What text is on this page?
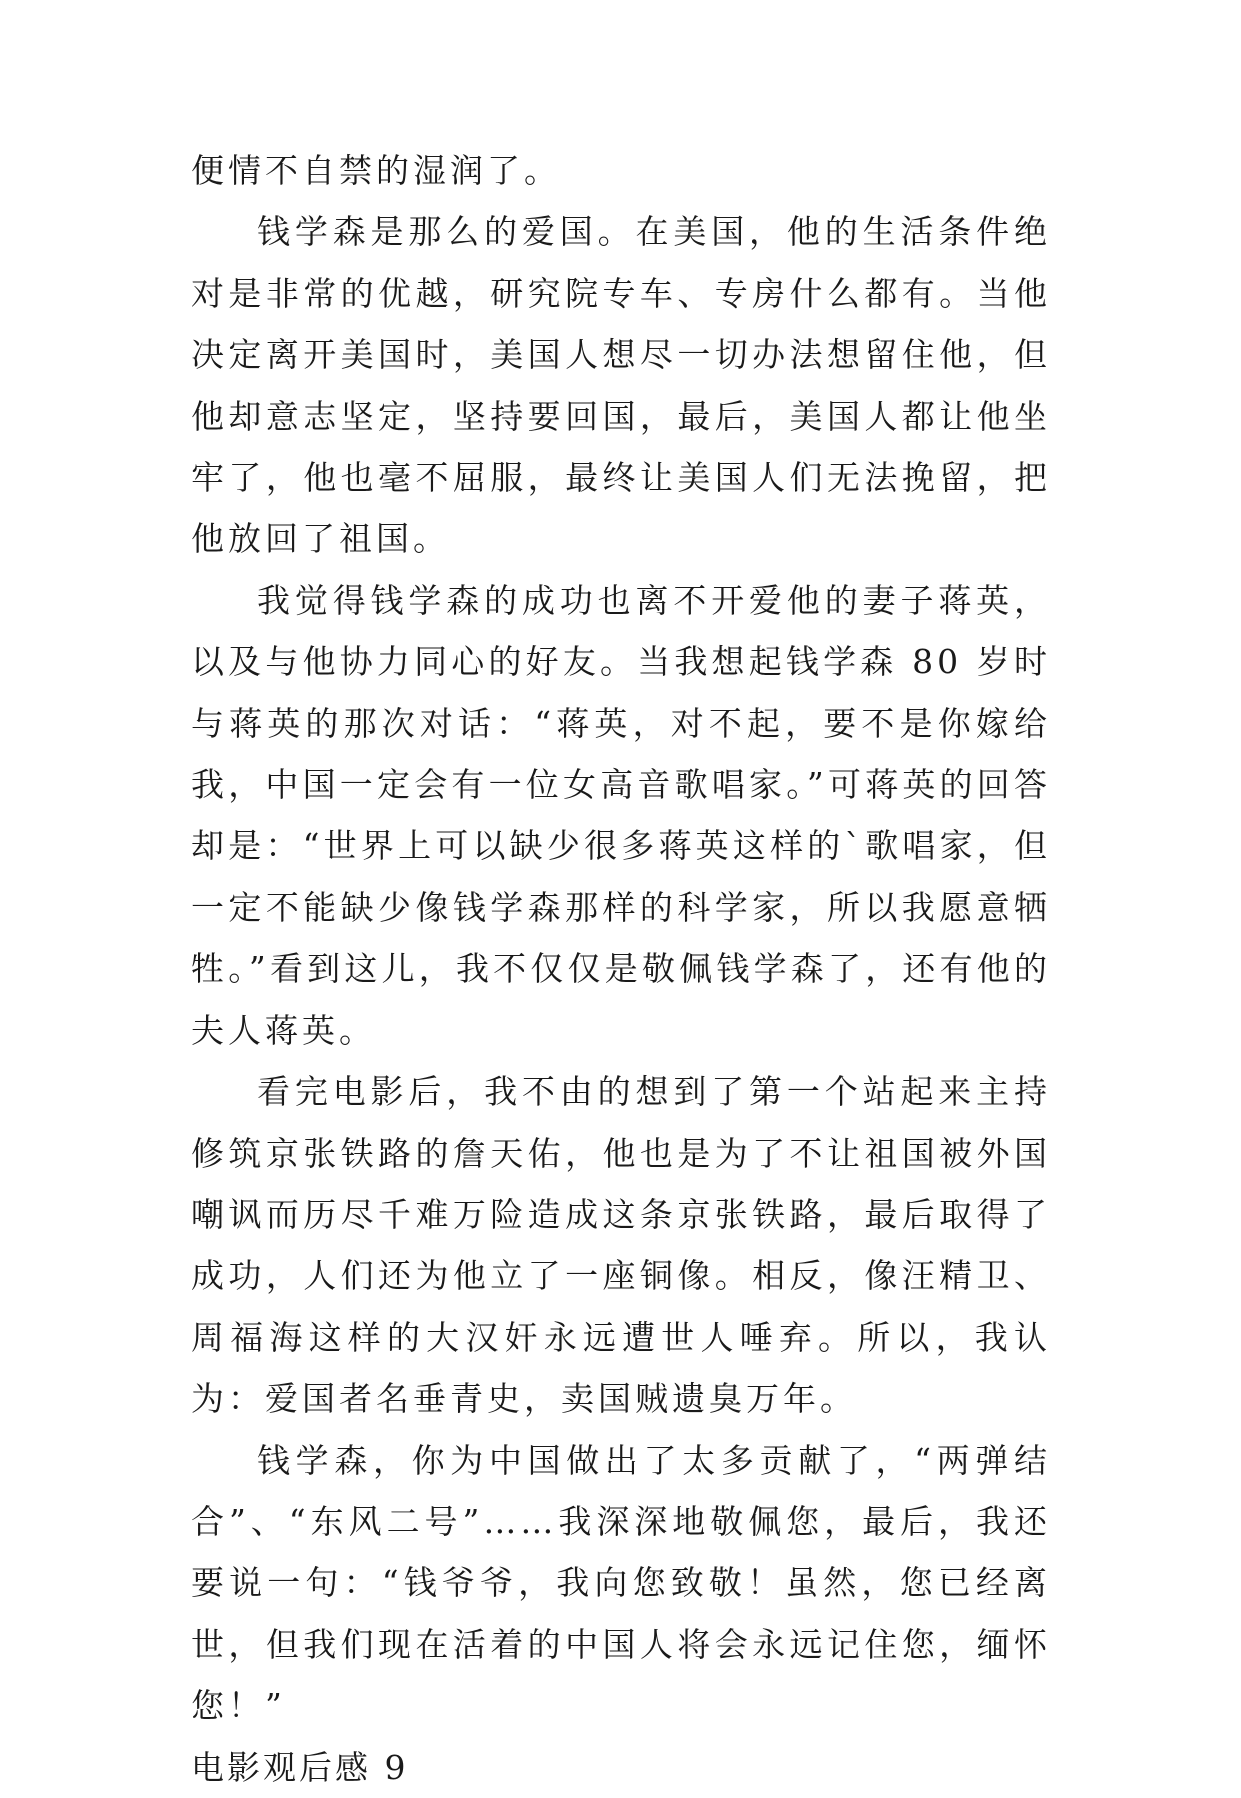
便情不自禁的湿润了。

钱学森是那么的爱国。在美国，他的生活条件绝对是非常的优越，研究院专车、专房什么都有。当他决定离开美国时，美国人想尽一切办法想留住他，但他却意志坚定，坚持要回国，最后，美国人都让他坐牢了，他也毫不屈服，最终让美国人们无法挽留，把他放回了祖国。

我觉得钱学森的成功也离不开爱他的妻子蒋英，以及与他协力同心的好友。当我想起钱学森 80 岁时与蒋英的那次对话：“蒋英，对不起，要不是你嫁给我，中国一定会有一位女高音歌唱家。”可蒋英的回答却是：“世界上可以缺少很多蒋英这样的`歌唱家，但一定不能缺少像钱学森那样的科学家，所以我愿意牺牲。”看到这儿，我不仅仅是敬佩钱学森了，还有他的夫人蒋英。

看完电影后，我不由的想到了第一个站起来主持修筑京张铁路的詹天佑，他也是为了不让祖国被外国嘲讽而历尽千难万险造成这条京张铁路，最后取得了成功，人们还为他立了一座铜像。相反，像汪精卫、周福海这样的大汉奸永远遭世人唾弃。所以，我认为：爱国者名垂青史，卖国贼遗臭万年。

钱学森，你为中国做出了太多贡献了，“两弹结合”、“东风二号”……我深深地敬佩您，最后，我还要说一句：“钱爷爷，我向您致敬！虽然，您已经离世，但我们现在活着的中国人将会永远记住您，缅怀您！”

电影观后感 9
